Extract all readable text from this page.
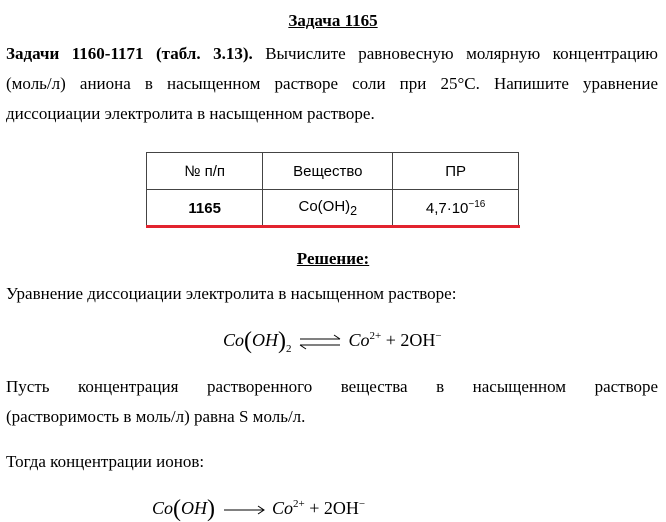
Задача 1165
Задачи 1160-1171 (табл. 3.13). Вычислите равновесную молярную концентрацию
(моль/л) аниона в насыщенном растворе соли при 25°С. Напишите уравнение
диссоциации электролита в насыщенном растворе.
№ п/п	Вещество	ПР
1165	$Co(OH)_2$	$4,7\cdot 10^{-16}$
Решение:
Уравнение диссоциации электролита в насыщенном растворе:
$Co(OH)_2$ ⇌ $Co^{2+} + 2OH^-$
Пусть концентрация растворенного вещества в насыщенном растворе
(растворимость в моль/л) равна S моль/л.
Тогда концентрации ионов:
Co(OH)	$Co^{2+} + 2OH^-$
